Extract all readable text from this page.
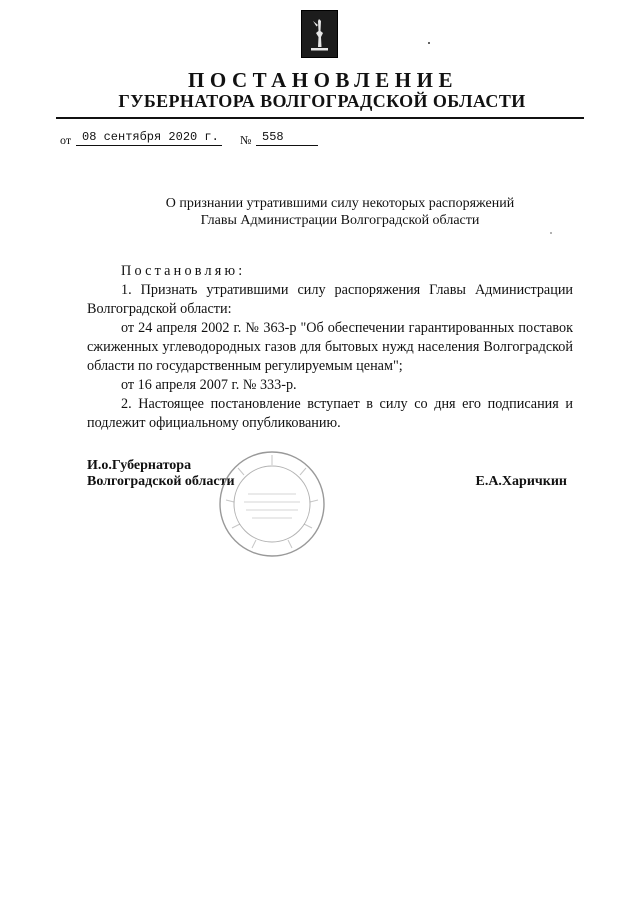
ПОСТАНОВЛЕНИЕ
ГУБЕРНАТОРА ВОЛГОГРАДСКОЙ ОБЛАСТИ
от 08 сентября 2020 г. № 558
О признании утратившими силу некоторых распоряжений
Главы Администрации Волгоградской области

Постановляю:

1. Признать утратившими силу распоряжения Главы Администрации Волгоградской области:

от 24 апреля 2002 г. № 363-р "Об обеспечении гарантированных поставок сжиженных углеводородных газов для бытовых нужд населения Волгоградской области по государственным регулируемым ценам";

от 16 апреля 2007 г. № 333-р.

2. Настоящее постановление вступает в силу со дня его подписания и подлежит официальному опубликованию.

И.о.Губернатора
Волгоградской области	Е.А.Харичкин
